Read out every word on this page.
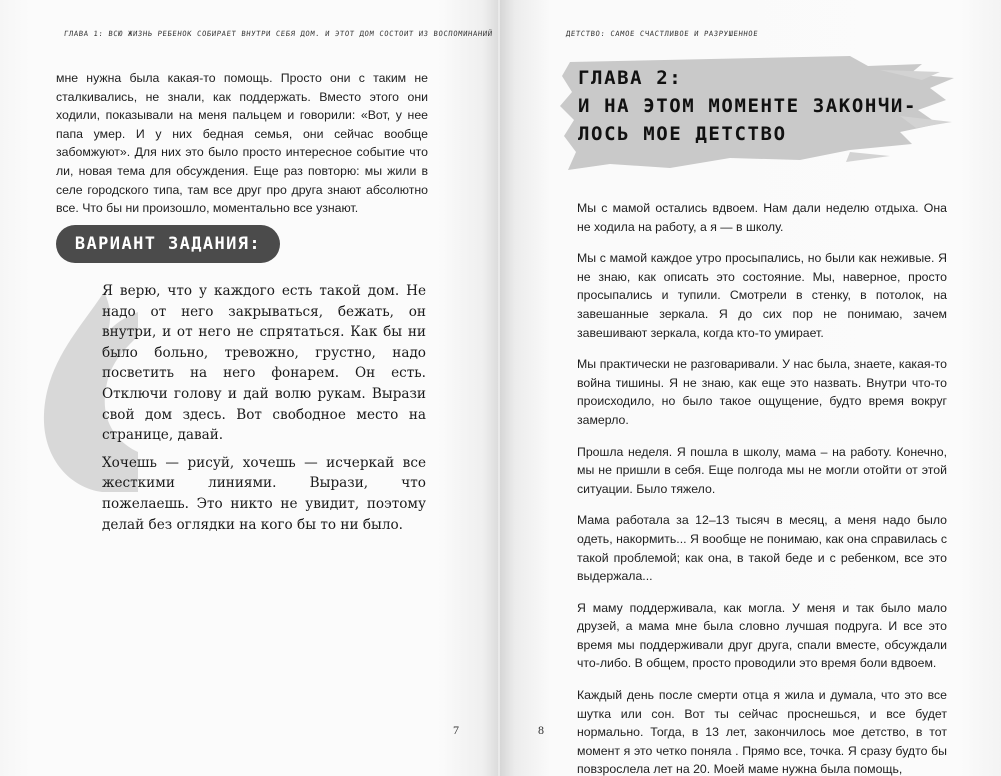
ГЛАВА 1: ВСЮ ЖИЗНЬ РЕБЕНОК СОБИРАЕТ ВНУТРИ СЕБЯ ДОМ. И ЭТОТ ДОМ СОСТОИТ ИЗ ВОСПОМИНАНИЙ

мне нужна была какая-то помощь. Просто они с таким не сталкивались, не знали, как поддержать. Вместо этого они ходили, показывали на меня пальцем и говорили: «Вот, у нее папа умер. И у них бедная семья, они сейчас вообще забомжуют». Для них это было просто интересное событие что ли, новая тема для обсуждения. Еще раз повторю: мы жили в селе городского типа, там все друг про друга знают абсолютно все. Что бы ни произошло, моментально все узнают.

ВАРИАНТ ЗАДАНИЯ:

Я верю, что у каждого есть такой дом. Не надо от него закрываться, бежать, он внутри, и от него не спрятаться. Как бы ни было больно, тревожно, грустно, надо посветить на него фонарем. Он есть. Отключи голову и дай волю рукам. Вырази свой дом здесь. Вот свободное место на странице, давай.

Хочешь — рисуй, хочешь — исчеркай все жесткими линиями. Вырази, что пожелаешь. Это никто не увидит, поэтому делай без оглядки на кого бы то ни было.

7
ДЕТСТВО: САМОЕ СЧАСТЛИВОЕ И РАЗРУШЕННОЕ
ГЛАВА 2:
И НА ЭТОМ МОМЕНТЕ ЗАКОНЧИ-
ЛОСЬ МОЕ ДЕТСТВО

Мы с мамой остались вдвоем. Нам дали неделю отдыха. Она не ходила на работу, а я — в школу.

Мы с мамой каждое утро просыпались, но были как неживые. Я не знаю, как описать это состояние. Мы, наверное, просто просыпались и тупили. Смотрели в стенку, в потолок, на завешанные зеркала. Я до сих пор не понимаю, зачем завешивают зеркала, когда кто-то умирает.

Мы практически не разговаривали. У нас была, знаете, какая-то война тишины. Я не знаю, как еще это назвать. Внутри что-то происходило, но было такое ощущение, будто время вокруг замерло.

Прошла неделя. Я пошла в школу, мама – на работу. Конечно, мы не пришли в себя. Еще полгода мы не могли отойти от этой ситуации. Было тяжело.

Мама работала за 12–13 тысяч в месяц, а меня надо было одеть, накормить... Я вообще не понимаю, как она справилась с такой проблемой; как она, в такой беде и с ребенком, все это выдержала...

Я маму поддерживала, как могла. У меня и так было мало друзей, а мама мне была словно лучшая подруга. И все это время мы поддерживали друг друга, спали вместе, обсуждали что-либо. В общем, просто проводили это время боли вдвоем.

Каждый день после смерти отца я жила и думала, что это все шутка или сон. Вот ты сейчас проснешься, и все будет нормально. Тогда, в 13 лет, закончилось мое детство, в тот момент я это четко поняла . Прямо все, точка. Я сразу будто бы повзрослела лет на 20. Моей маме нужна была помощь,

8
